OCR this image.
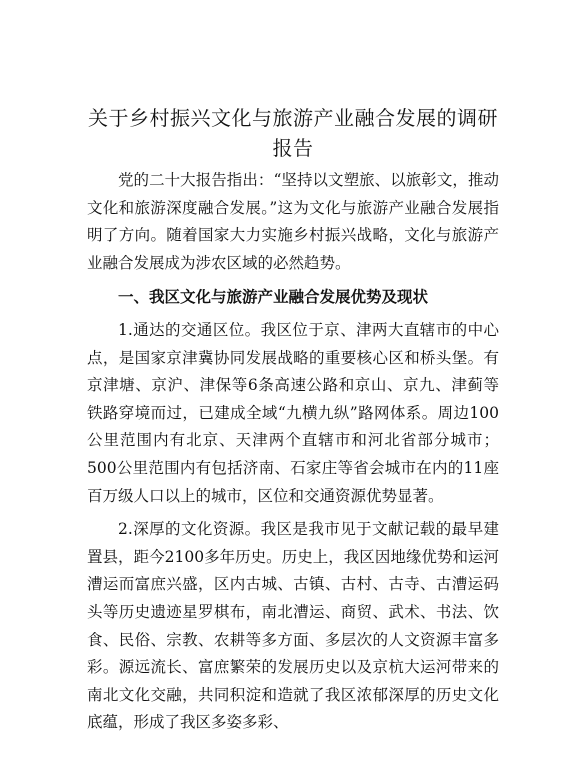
关于乡村振兴文化与旅游产业融合发展的调研
报告

党的二十大报告指出：“坚持以文塑旅、以旅彰文，推动文化和旅游深度融合发展。”这为文化与旅游产业融合发展指明了方向。随着国家大力实施乡村振兴战略，文化与旅游产业融合发展成为涉农区域的必然趋势。

一、我区文化与旅游产业融合发展优势及现状

1.通达的交通区位。我区位于京、津两大直辖市的中心点，是国家京津冀协同发展战略的重要核心区和桥头堡。有京津塘、京沪、津保等6条高速公路和京山、京九、津蓟等铁路穿境而过，已建成全域“九横九纵”路网体系。周边100公里范围内有北京、天津两个直辖市和河北省部分城市；500公里范围内有包括济南、石家庄等省会城市在内的11座百万级人口以上的城市，区位和交通资源优势显著。

2.深厚的文化资源。我区是我市见于文献记载的最早建置县，距今2100多年历史。历史上，我区因地缘优势和运河漕运而富庶兴盛，区内古城、古镇、古村、古寺、古漕运码头等历史遗迹星罗棋布，南北漕运、商贸、武术、书法、饮食、民俗、宗教、农耕等多方面、多层次的人文资源丰富多彩。源远流长、富庶繁荣的发展历史以及京杭大运河带来的南北文化交融，共同积淀和造就了我区浓郁深厚的历史文化底蕴，形成了我区多姿多彩、
